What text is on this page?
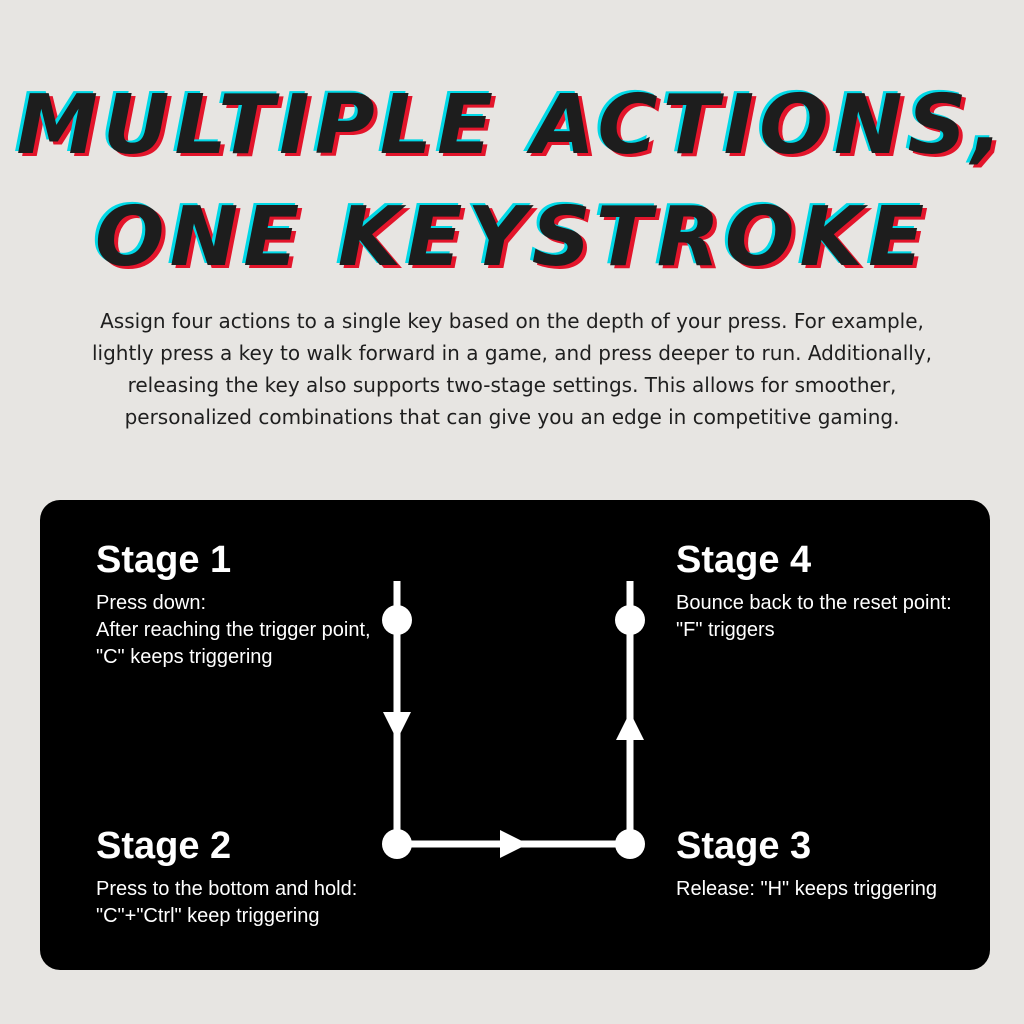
MULTIPLE ACTIONS,
ONE KEYSTROKE

Assign four actions to a single key based on the depth of your press. For example, lightly press a key to walk forward in a game, and press deeper to run. Additionally, releasing the key also supports two-stage settings. This allows for smoother, personalized combinations that can give you an edge in competitive gaming.

Stage 1

Press down:
After reaching the trigger point, "C" keeps triggering

Stage 2

Press to the bottom and hold:
"C"+"Ctrl" keep triggering

Stage 3

Release: "H" keeps triggering

Stage 4

Bounce back to the reset point: "F" triggers
